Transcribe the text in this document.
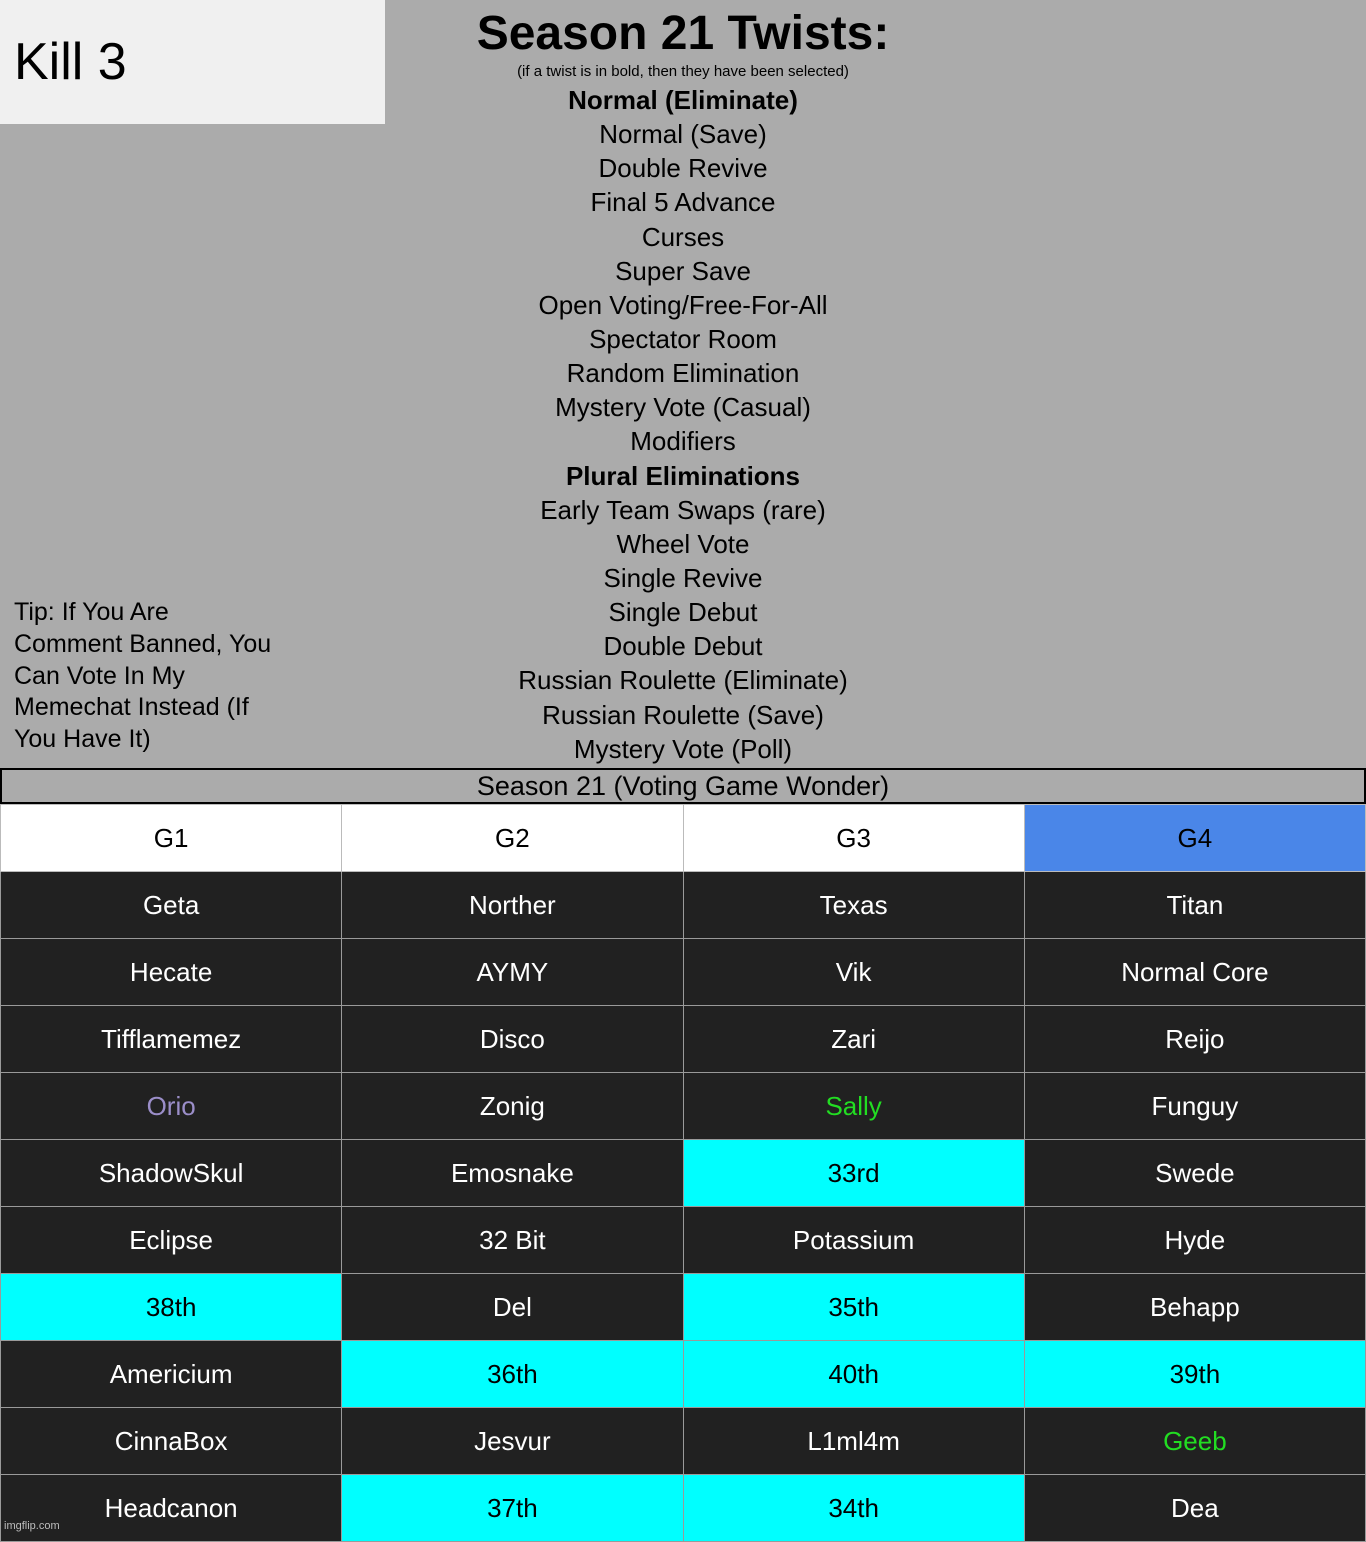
Kill 3	Season 21 Twists:
(if a twist is in bold, then they have been selected)
Normal (Eliminate)
Normal (Save)
Double Revive
Final 5 Advance
Curses
Super Save
Open Voting/Free-For-All
Spectator Room
Random Elimination
Mystery Vote (Casual)
Modifiers
Plural Eliminations
Early Team Swaps (rare)
Wheel Vote
Single Revive
Single Debut
Double Debut
Russian Roulette (Eliminate)
Russian Roulette (Save)
Mystery Vote (Poll)
Tip: If You Are Comment Banned, You Can Vote In My Memechat Instead (If You Have It)
Season 21 (Voting Game Wonder)
G1	G2	G3	G4
Geta	Norther	Texas	Titan
Hecate	AYMY	Vik	Normal Core
Tifflamemez	Disco	Zari	Reijo
Orio	Zonig	Sally	Funguy
ShadowSkul	Emosnake	33rd	Swede
Eclipse	32 Bit	Potassium	Hyde
38th	Del	35th	Behapp
Americium	36th	40th	39th
CinnaBox	Jesvur	L1ml4m	Geeb
Headcanon	37th	34th	Dea
imgflip.com
